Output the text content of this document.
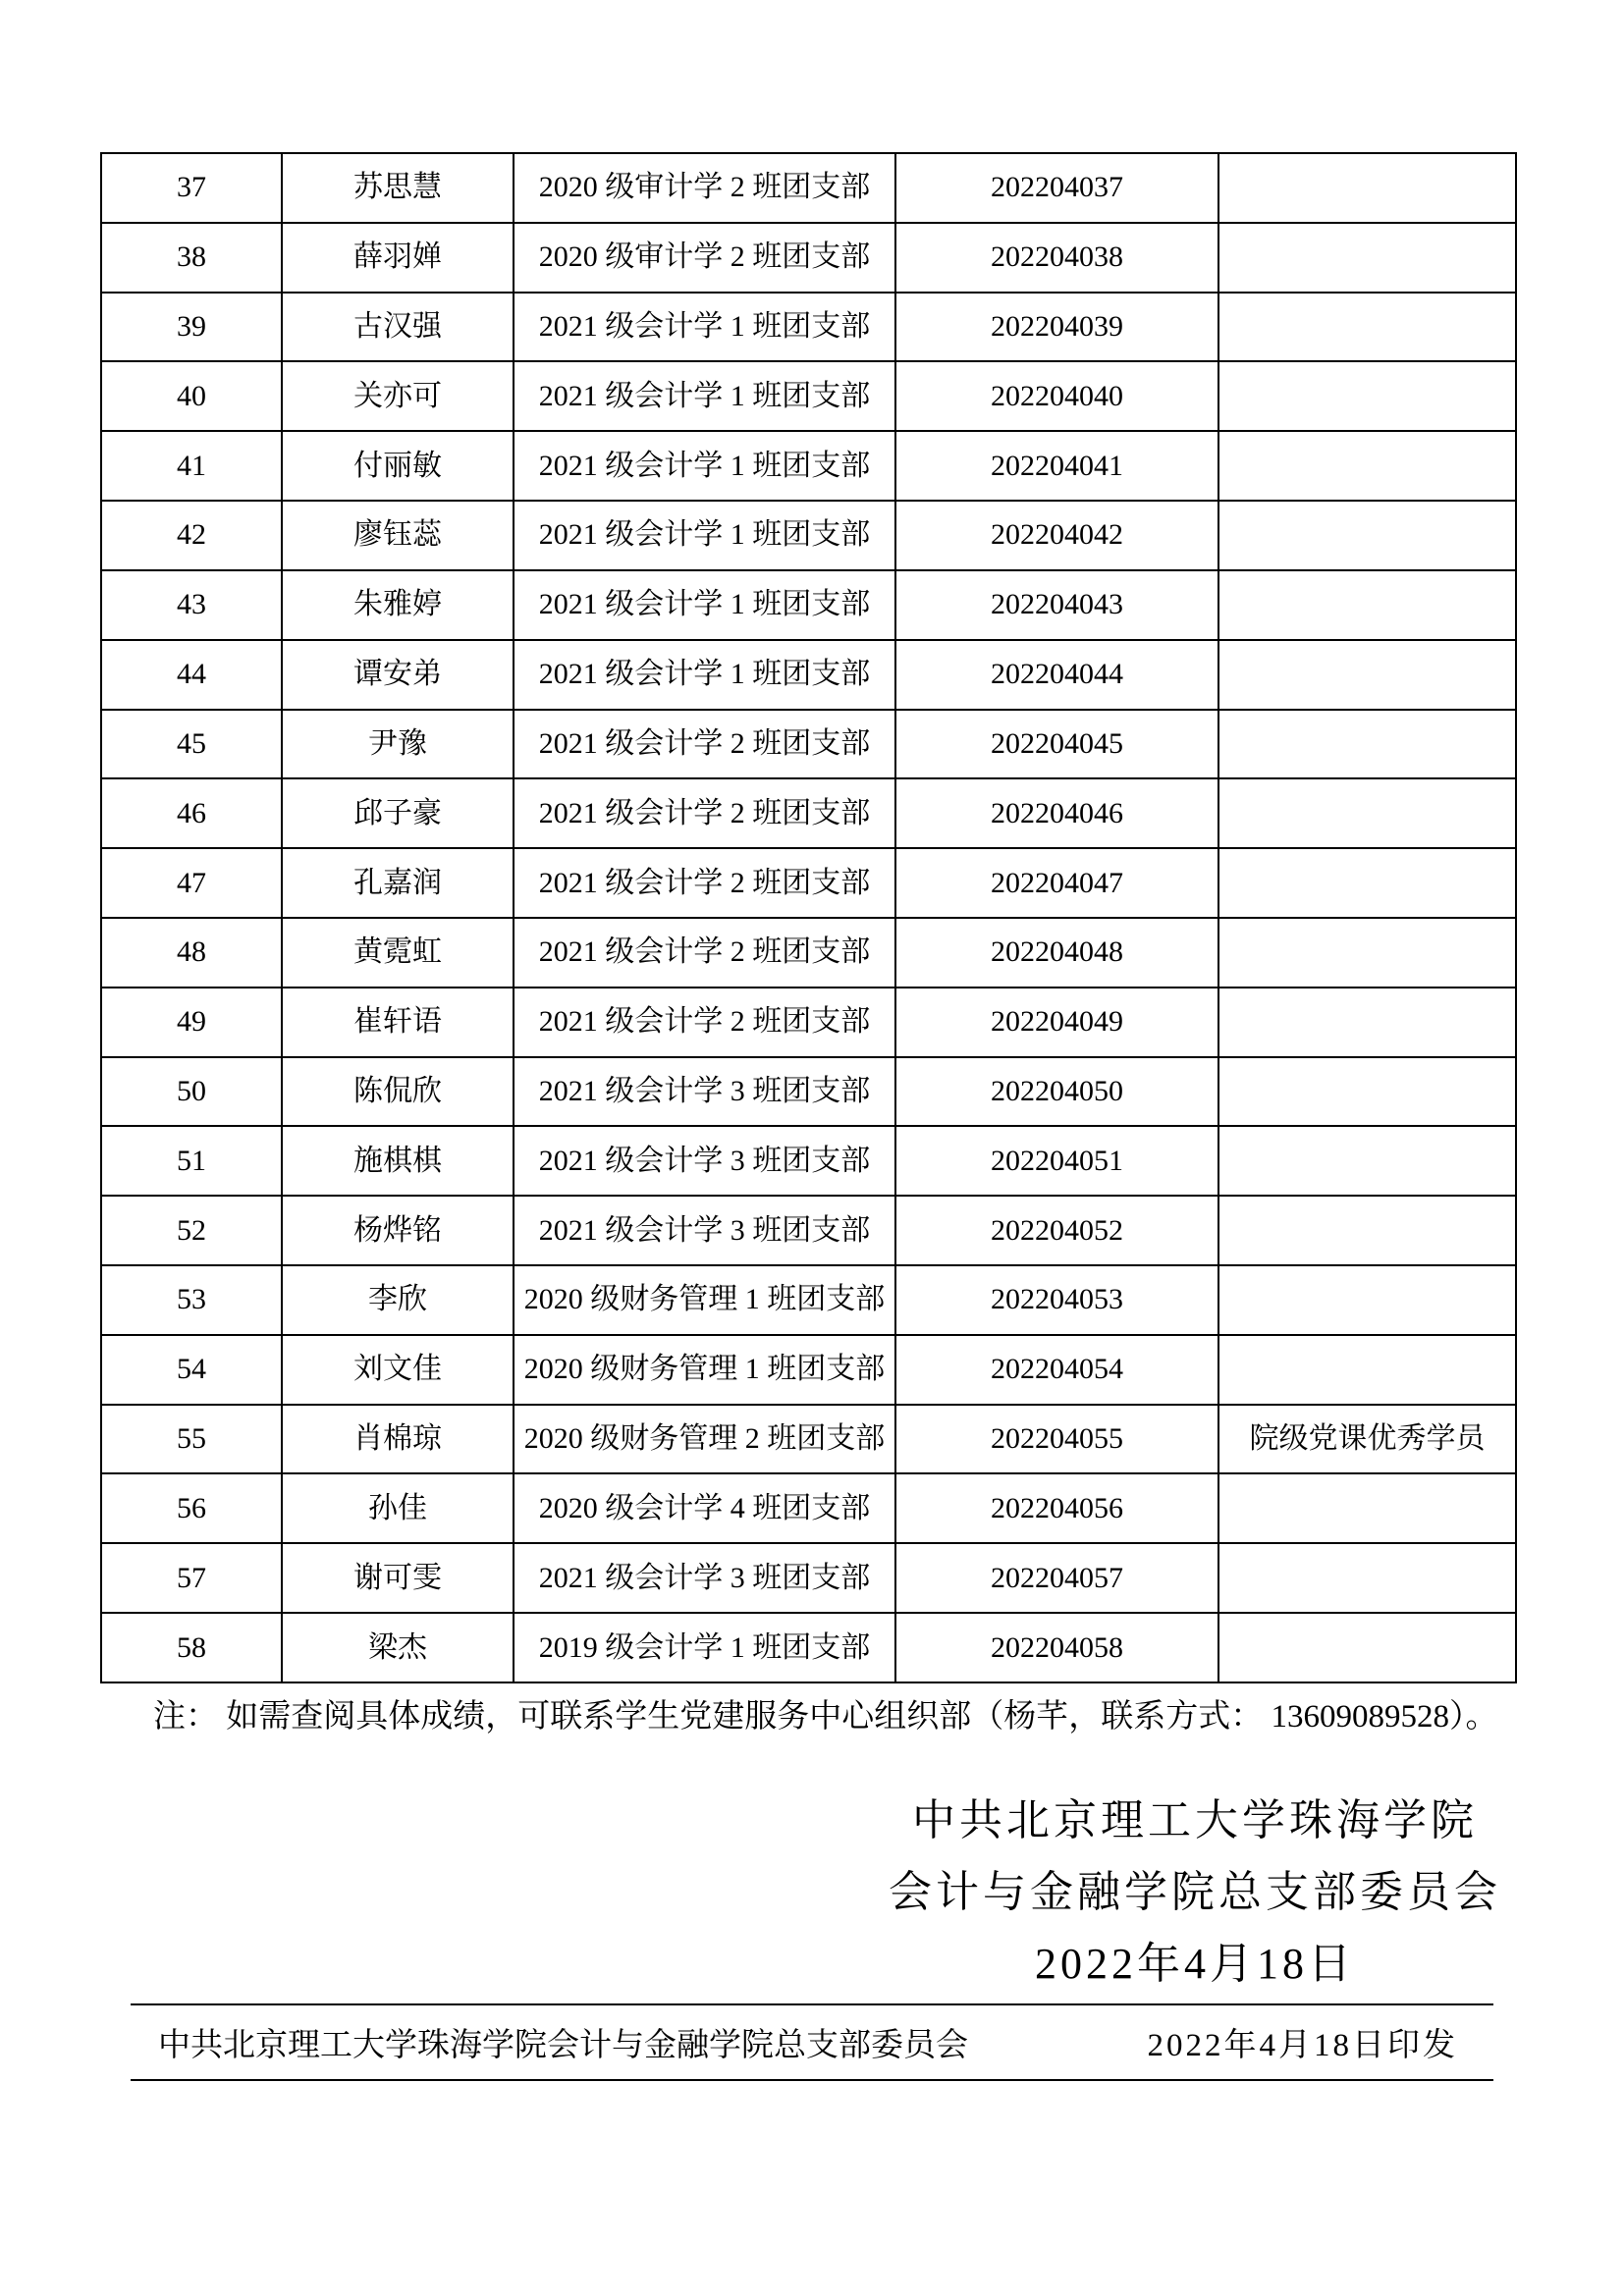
37	苏思慧	2020 级审计学 2 班团支部	202204037	
38	薛羽婵	2020 级审计学 2 班团支部	202204038	
39	古汉强	2021 级会计学 1 班团支部	202204039	
40	关亦可	2021 级会计学 1 班团支部	202204040	
41	付丽敏	2021 级会计学 1 班团支部	202204041	
42	廖钰蕊	2021 级会计学 1 班团支部	202204042	
43	朱雅婷	2021 级会计学 1 班团支部	202204043	
44	谭安弟	2021 级会计学 1 班团支部	202204044	
45	尹豫	2021 级会计学 2 班团支部	202204045	
46	邱子豪	2021 级会计学 2 班团支部	202204046	
47	孔嘉润	2021 级会计学 2 班团支部	202204047	
48	黄霓虹	2021 级会计学 2 班团支部	202204048	
49	崔轩语	2021 级会计学 2 班团支部	202204049	
50	陈侃欣	2021 级会计学 3 班团支部	202204050	
51	施棋棋	2021 级会计学 3 班团支部	202204051	
52	杨烨铭	2021 级会计学 3 班团支部	202204052	
53	李欣	2020 级财务管理 1 班团支部	202204053	
54	刘文佳	2020 级财务管理 1 班团支部	202204054	
55	肖棉琼	2020 级财务管理 2 班团支部	202204055	院级党课优秀学员
56	孙佳	2020 级会计学 4 班团支部	202204056	
57	谢可雯	2021 级会计学 3 班团支部	202204057	
58	梁杰	2019 级会计学 1 班团支部	202204058	
注： 如需查阅具体成绩，可联系学生党建服务中心组织部（杨芊，联系方式： 13609089528）。
中共北京理工大学珠海学院
会计与金融学院总支部委员会
2022年4月18日
中共北京理工大学珠海学院会计与金融学院总支部委员会	2022年4月18日印发
